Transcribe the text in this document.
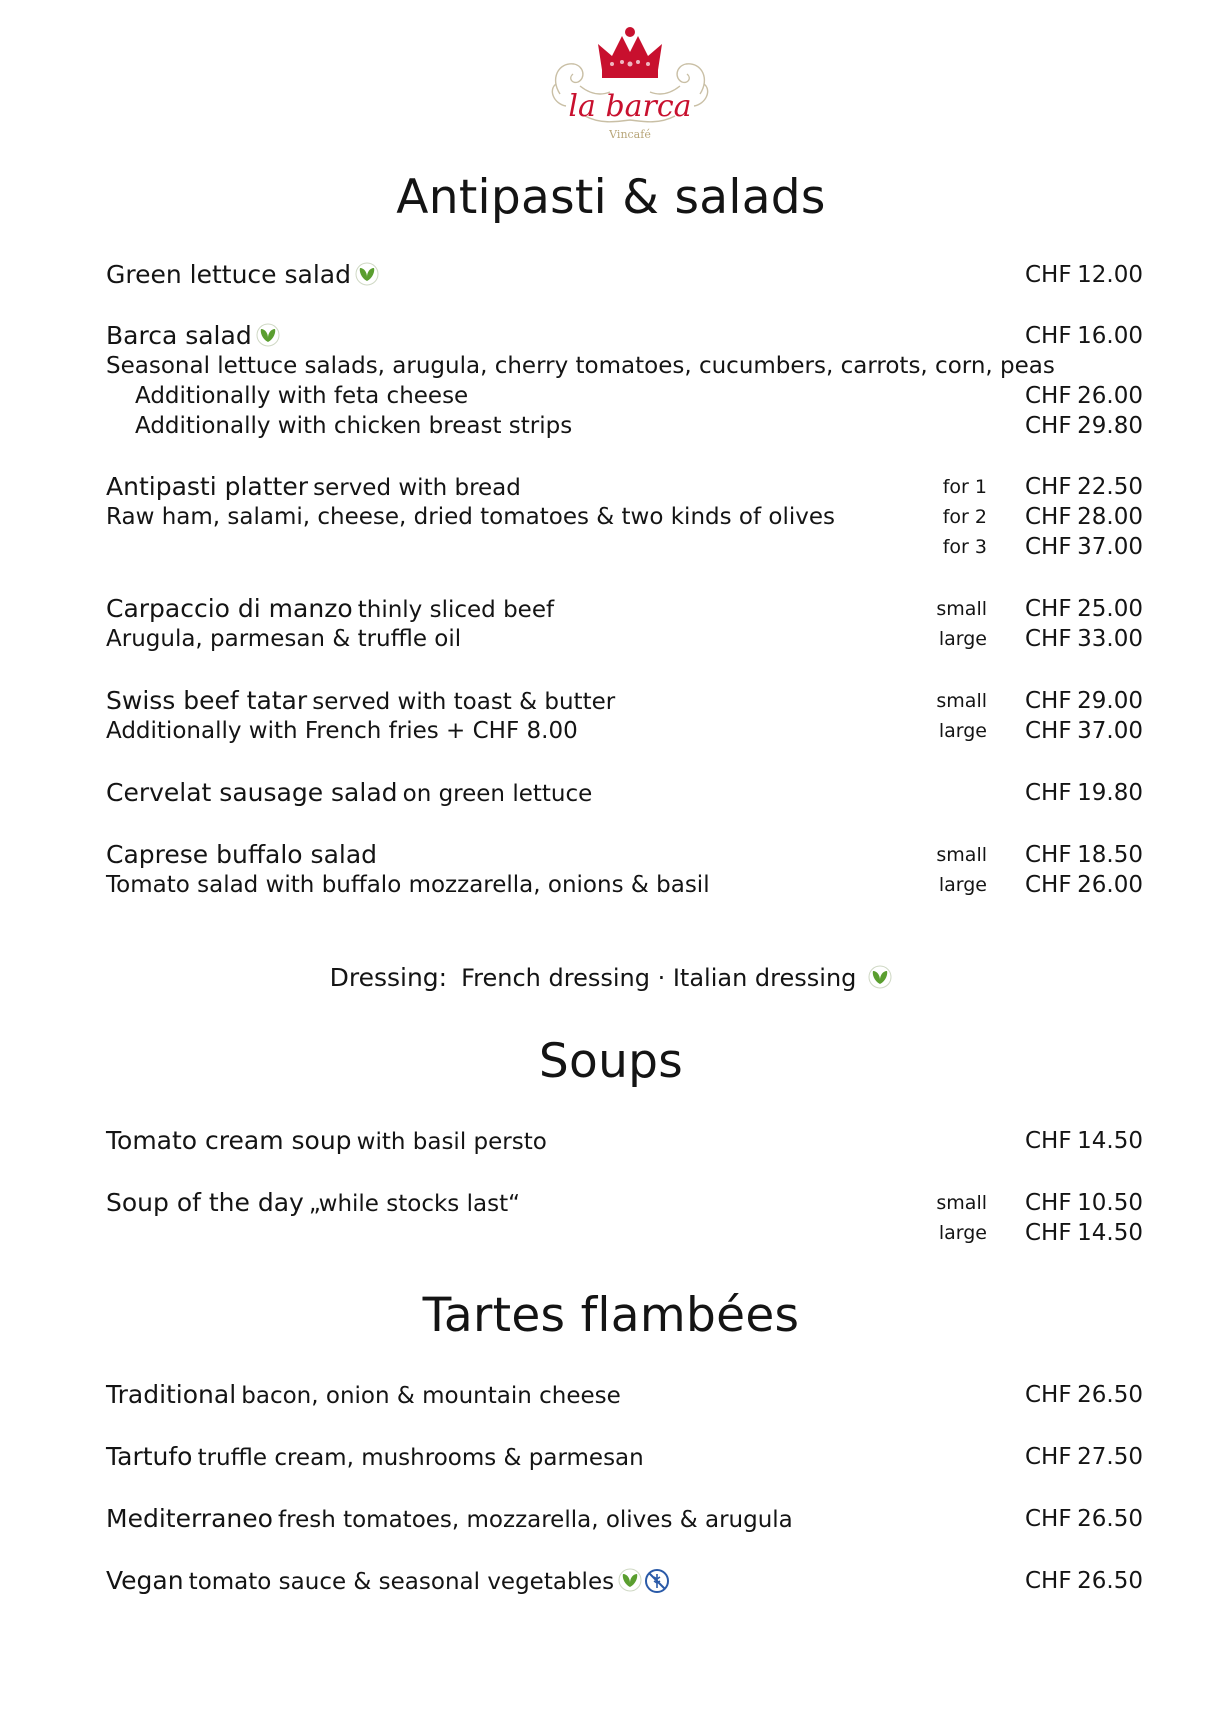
la barca
Vincafé
Antipasti & salads
Green lettuce salad	CHF 12.00
Barca salad	CHF 16.00
Seasonal lettuce salads, arugula, cherry tomatoes, cucumbers, carrots, corn, peas
Additionally with feta cheese	CHF 26.00
Additionally with chicken breast strips	CHF 29.80
Antipasti platter served with bread	for 1 CHF 22.50
Raw ham, salami, cheese, dried tomatoes & two kinds of olives	for 2 CHF 28.00
for 3 CHF 37.00
Carpaccio di manzo thinly sliced beef	small CHF 25.00
Arugula, parmesan & truffle oil	large CHF 33.00
Swiss beef tatar served with toast & butter	small CHF 29.00
Additionally with French fries + CHF 8.00	large CHF 37.00
Cervelat sausage salad on green lettuce	CHF 19.80
Caprese buffalo salad	small CHF 18.50
Tomato salad with buffalo mozzarella, onions & basil	large CHF 26.00
Dressing: French dressing · Italian dressing
Soups
Tomato cream soup with basil persto	CHF 14.50
Soup of the day „while stocks last“	small CHF 10.50
large CHF 14.50
Tartes flambées
Traditional bacon, onion & mountain cheese	CHF 26.50
Tartufo truffle cream, mushrooms & parmesan	CHF 27.50
Mediterraneo fresh tomatoes, mozzarella, olives & arugula	CHF 26.50
Vegan tomato sauce & seasonal vegetables	CHF 26.50
